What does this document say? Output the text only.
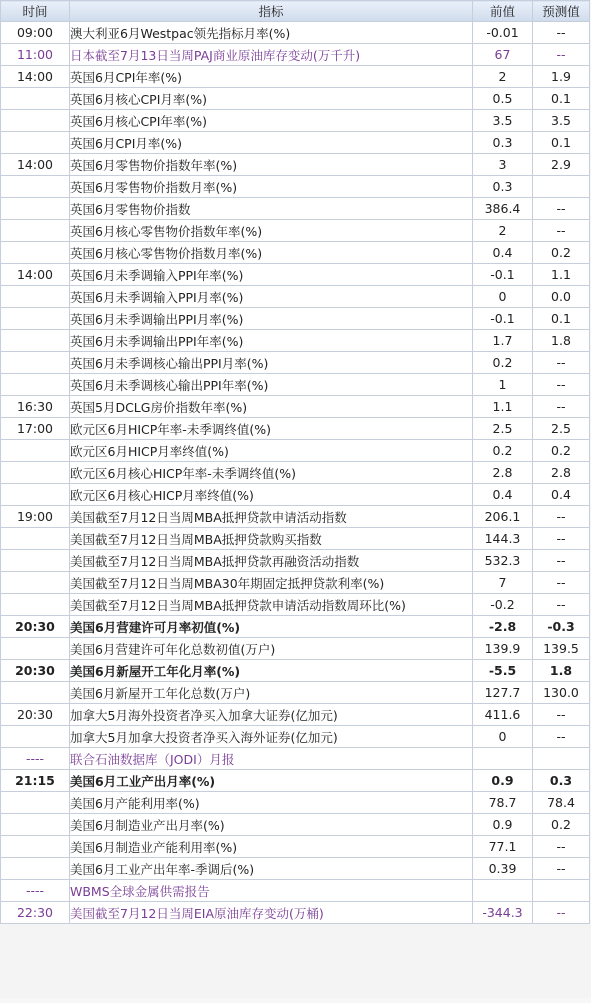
时间	指标	前值	预测值
09:00	澳大利亚6月Westpac领先指标月率(%)	-0.01	--
11:00	日本截至7月13日当周PAJ商业原油库存变动(万千升)	67	--
14:00	英国6月CPI年率(%)	2	1.9
	英国6月核心CPI月率(%)	0.5	0.1
	英国6月核心CPI年率(%)	3.5	3.5
	英国6月CPI月率(%)	0.3	0.1
14:00	英国6月零售物价指数年率(%)	3	2.9
	英国6月零售物价指数月率(%)	0.3	
	英国6月零售物价指数	386.4	--
	英国6月核心零售物价指数年率(%)	2	--
	英国6月核心零售物价指数月率(%)	0.4	0.2
14:00	英国6月未季调输入PPI年率(%)	-0.1	1.1
	英国6月未季调输入PPI月率(%)	0	0.0
	英国6月未季调输出PPI月率(%)	-0.1	0.1
	英国6月未季调输出PPI年率(%)	1.7	1.8
	英国6月未季调核心输出PPI月率(%)	0.2	--
	英国6月未季调核心输出PPI年率(%)	1	--
16:30	英国5月DCLG房价指数年率(%)	1.1	--
17:00	欧元区6月HICP年率-未季调终值(%)	2.5	2.5
	欧元区6月HICP月率终值(%)	0.2	0.2
	欧元区6月核心HICP年率-未季调终值(%)	2.8	2.8
	欧元区6月核心HICP月率终值(%)	0.4	0.4
19:00	美国截至7月12日当周MBA抵押贷款申请活动指数	206.1	--
	美国截至7月12日当周MBA抵押贷款购买指数	144.3	--
	美国截至7月12日当周MBA抵押贷款再融资活动指数	532.3	--
	美国截至7月12日当周MBA30年期固定抵押贷款利率(%)	7	--
	美国截至7月12日当周MBA抵押贷款申请活动指数周环比(%)	-0.2	--
20:30	美国6月营建许可月率初值(%)	-2.8	-0.3
	美国6月营建许可年化总数初值(万户)	139.9	139.5
20:30	美国6月新屋开工年化月率(%)	-5.5	1.8
	美国6月新屋开工年化总数(万户)	127.7	130.0
20:30	加拿大5月海外投资者净买入加拿大证券(亿加元)	411.6	--
	加拿大5月加拿大投资者净买入海外证券(亿加元)	0	--
----	联合石油数据库（JODI）月报		
21:15	美国6月工业产出月率(%)	0.9	0.3
	美国6月产能利用率(%)	78.7	78.4
	美国6月制造业产出月率(%)	0.9	0.2
	美国6月制造业产能利用率(%)	77.1	--
	美国6月工业产出年率-季调后(%)	0.39	--
----	WBMS全球金属供需报告		
22:30	美国截至7月12日当周EIA原油库存变动(万桶)	-344.3	--
